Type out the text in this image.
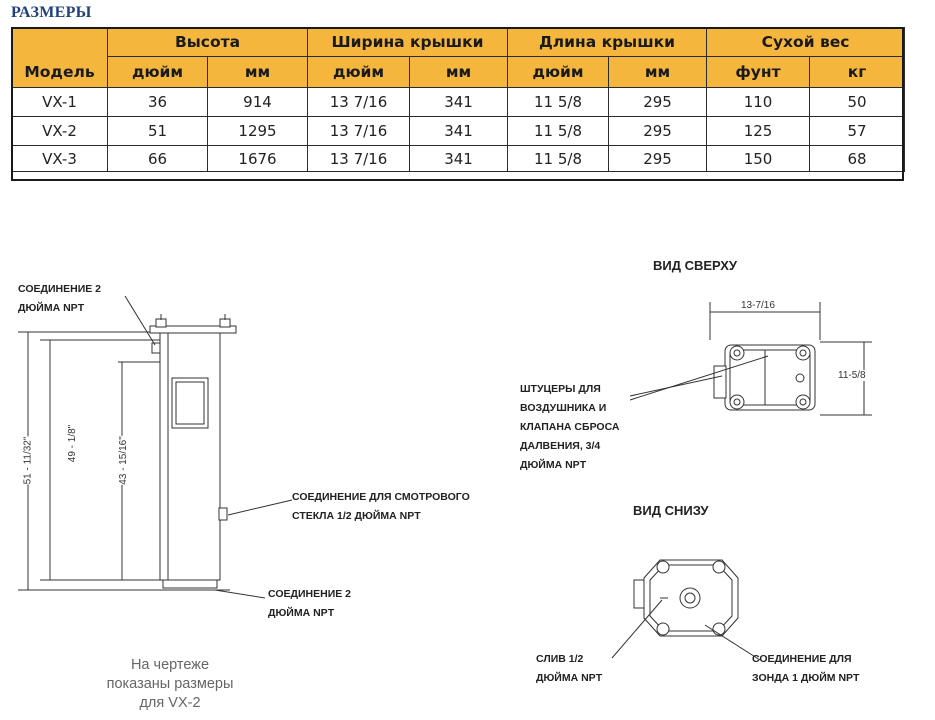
РАЗМЕРЫ
Модель	Высота		Ширина крышки		Длина крышки		Сухой вес	
	дюйм	мм	дюйм	мм	дюйм	мм	фунт	кг
VX-1	36	914	13 7/16	341	11 5/8	295	110	50
VX-2	51	1295	13 7/16	341	11 5/8	295	125	57
VX-3	66	1676	13 7/16	341	11 5/8	295	150	68
СОЕДИНЕНИЕ 2
ДЮЙМА NPT
СОЕДИНЕНИЕ ДЛЯ СМОТРОВОГО
СТЕКЛА 1/2 ДЮЙМА NPT
СОЕДИНЕНИЕ 2
ДЮЙМА NPT
51 - 11/32"	49 - 1/8"	43 - 15/16"
На чертеже
показаны размеры
для VX-2
ВИД СВЕРХУ
13-7/16
11-5/8
ШТУЦЕРЫ ДЛЯ
ВОЗДУШНИКА И
КЛАПАНА СБРОСА
ДАЛВЕНИЯ, 3/4
ДЮЙМА NPT
ВИД СНИЗУ
СЛИВ 1/2
ДЮЙМА NPT
СОЕДИНЕНИЕ ДЛЯ
ЗОНДА 1 ДЮЙМ NPT
